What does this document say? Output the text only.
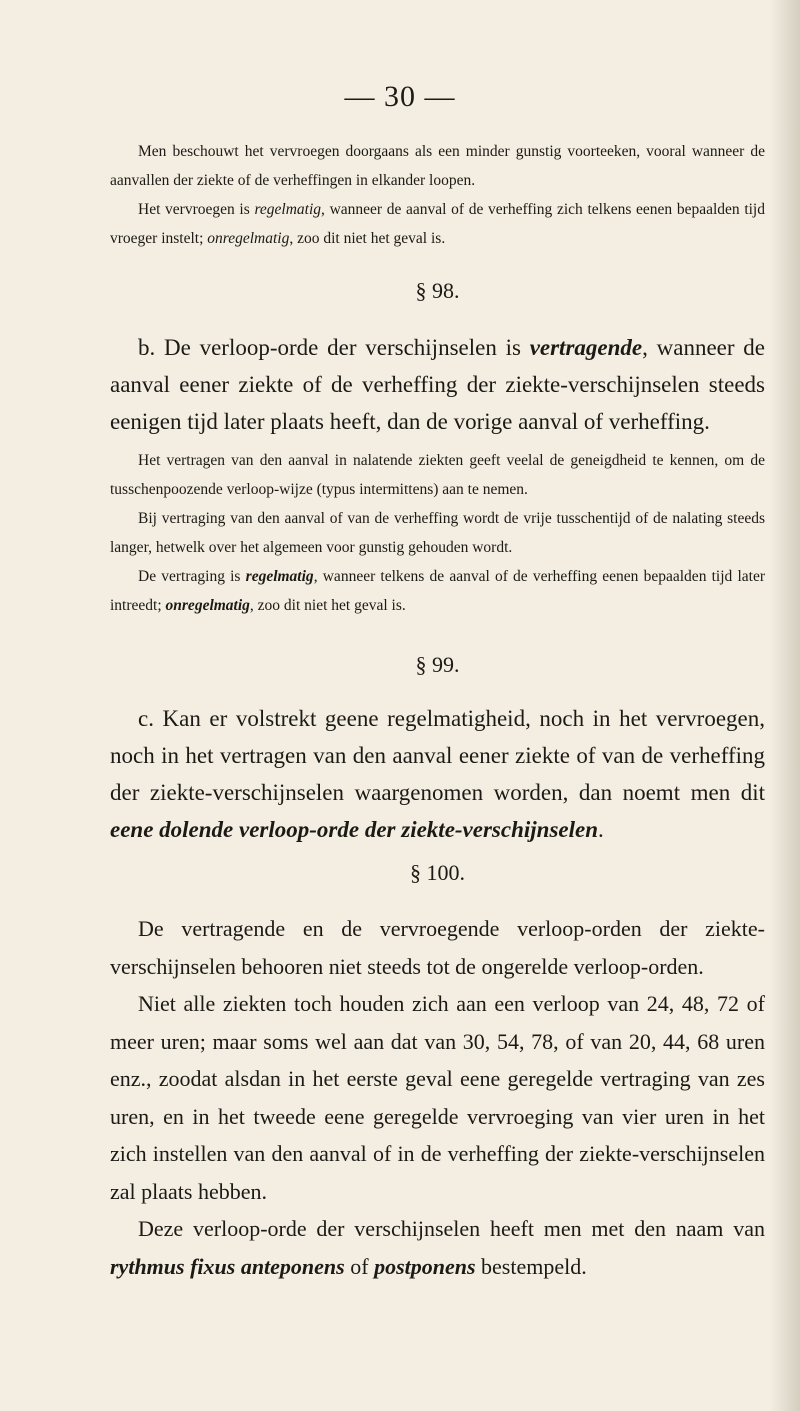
— 30 —

Men beschouwt het vervroegen doorgaans als een minder gunstig voorteeken, vooral wanneer de aanvallen der ziekte of de verheffingen in elkander loopen.

Het vervroegen is regelmatig, wanneer de aanval of de verheffing zich telkens eenen bepaalden tijd vroeger instelt; onregelmatig, zoo dit niet het geval is.

§ 98.

b. De verloop-orde der verschijnselen is vertragende, wanneer de aanval eener ziekte of de verheffing der ziekte-verschijnselen steeds eenigen tijd later plaats heeft, dan de vorige aanval of verheffing.

Het vertragen van den aanval in nalatende ziekten geeft veelal de geneigdheid te kennen, om de tusschenpoozende verloop-wijze (typus intermittens) aan te nemen.

Bij vertraging van den aanval of van de verheffing wordt de vrije tusschentijd of de nalating steeds langer, hetwelk over het algemeen voor gunstig gehouden wordt.

De vertraging is regelmatig, wanneer telkens de aanval of de verheffing eenen bepaalden tijd later intreedt; onregelmatig, zoo dit niet het geval is.

§ 99.

c. Kan er volstrekt geene regelmatigheid, noch in het vervroegen, noch in het vertragen van den aanval eener ziekte of van de verheffing der ziekte-verschijnselen waargenomen worden, dan noemt men dit eene dolende verloop-orde der ziekte-verschijnselen.

§ 100.

De vertragende en de vervroegende verloop-orden der ziekte-verschijnselen behooren niet steeds tot de ongerelde verloop-orden.

Niet alle ziekten toch houden zich aan een verloop van 24, 48, 72 of meer uren; maar soms wel aan dat van 30, 54, 78, of van 20, 44, 68 uren enz., zoodat alsdan in het eerste geval eene geregelde vertraging van zes uren, en in het tweede eene geregelde vervroeging van vier uren in het zich instellen van den aanval of in de verheffing der ziekte-verschijnselen zal plaats hebben.

Deze verloop-orde der verschijnselen heeft men met den naam van rythmus fixus anteponens of postponens bestempeld.
